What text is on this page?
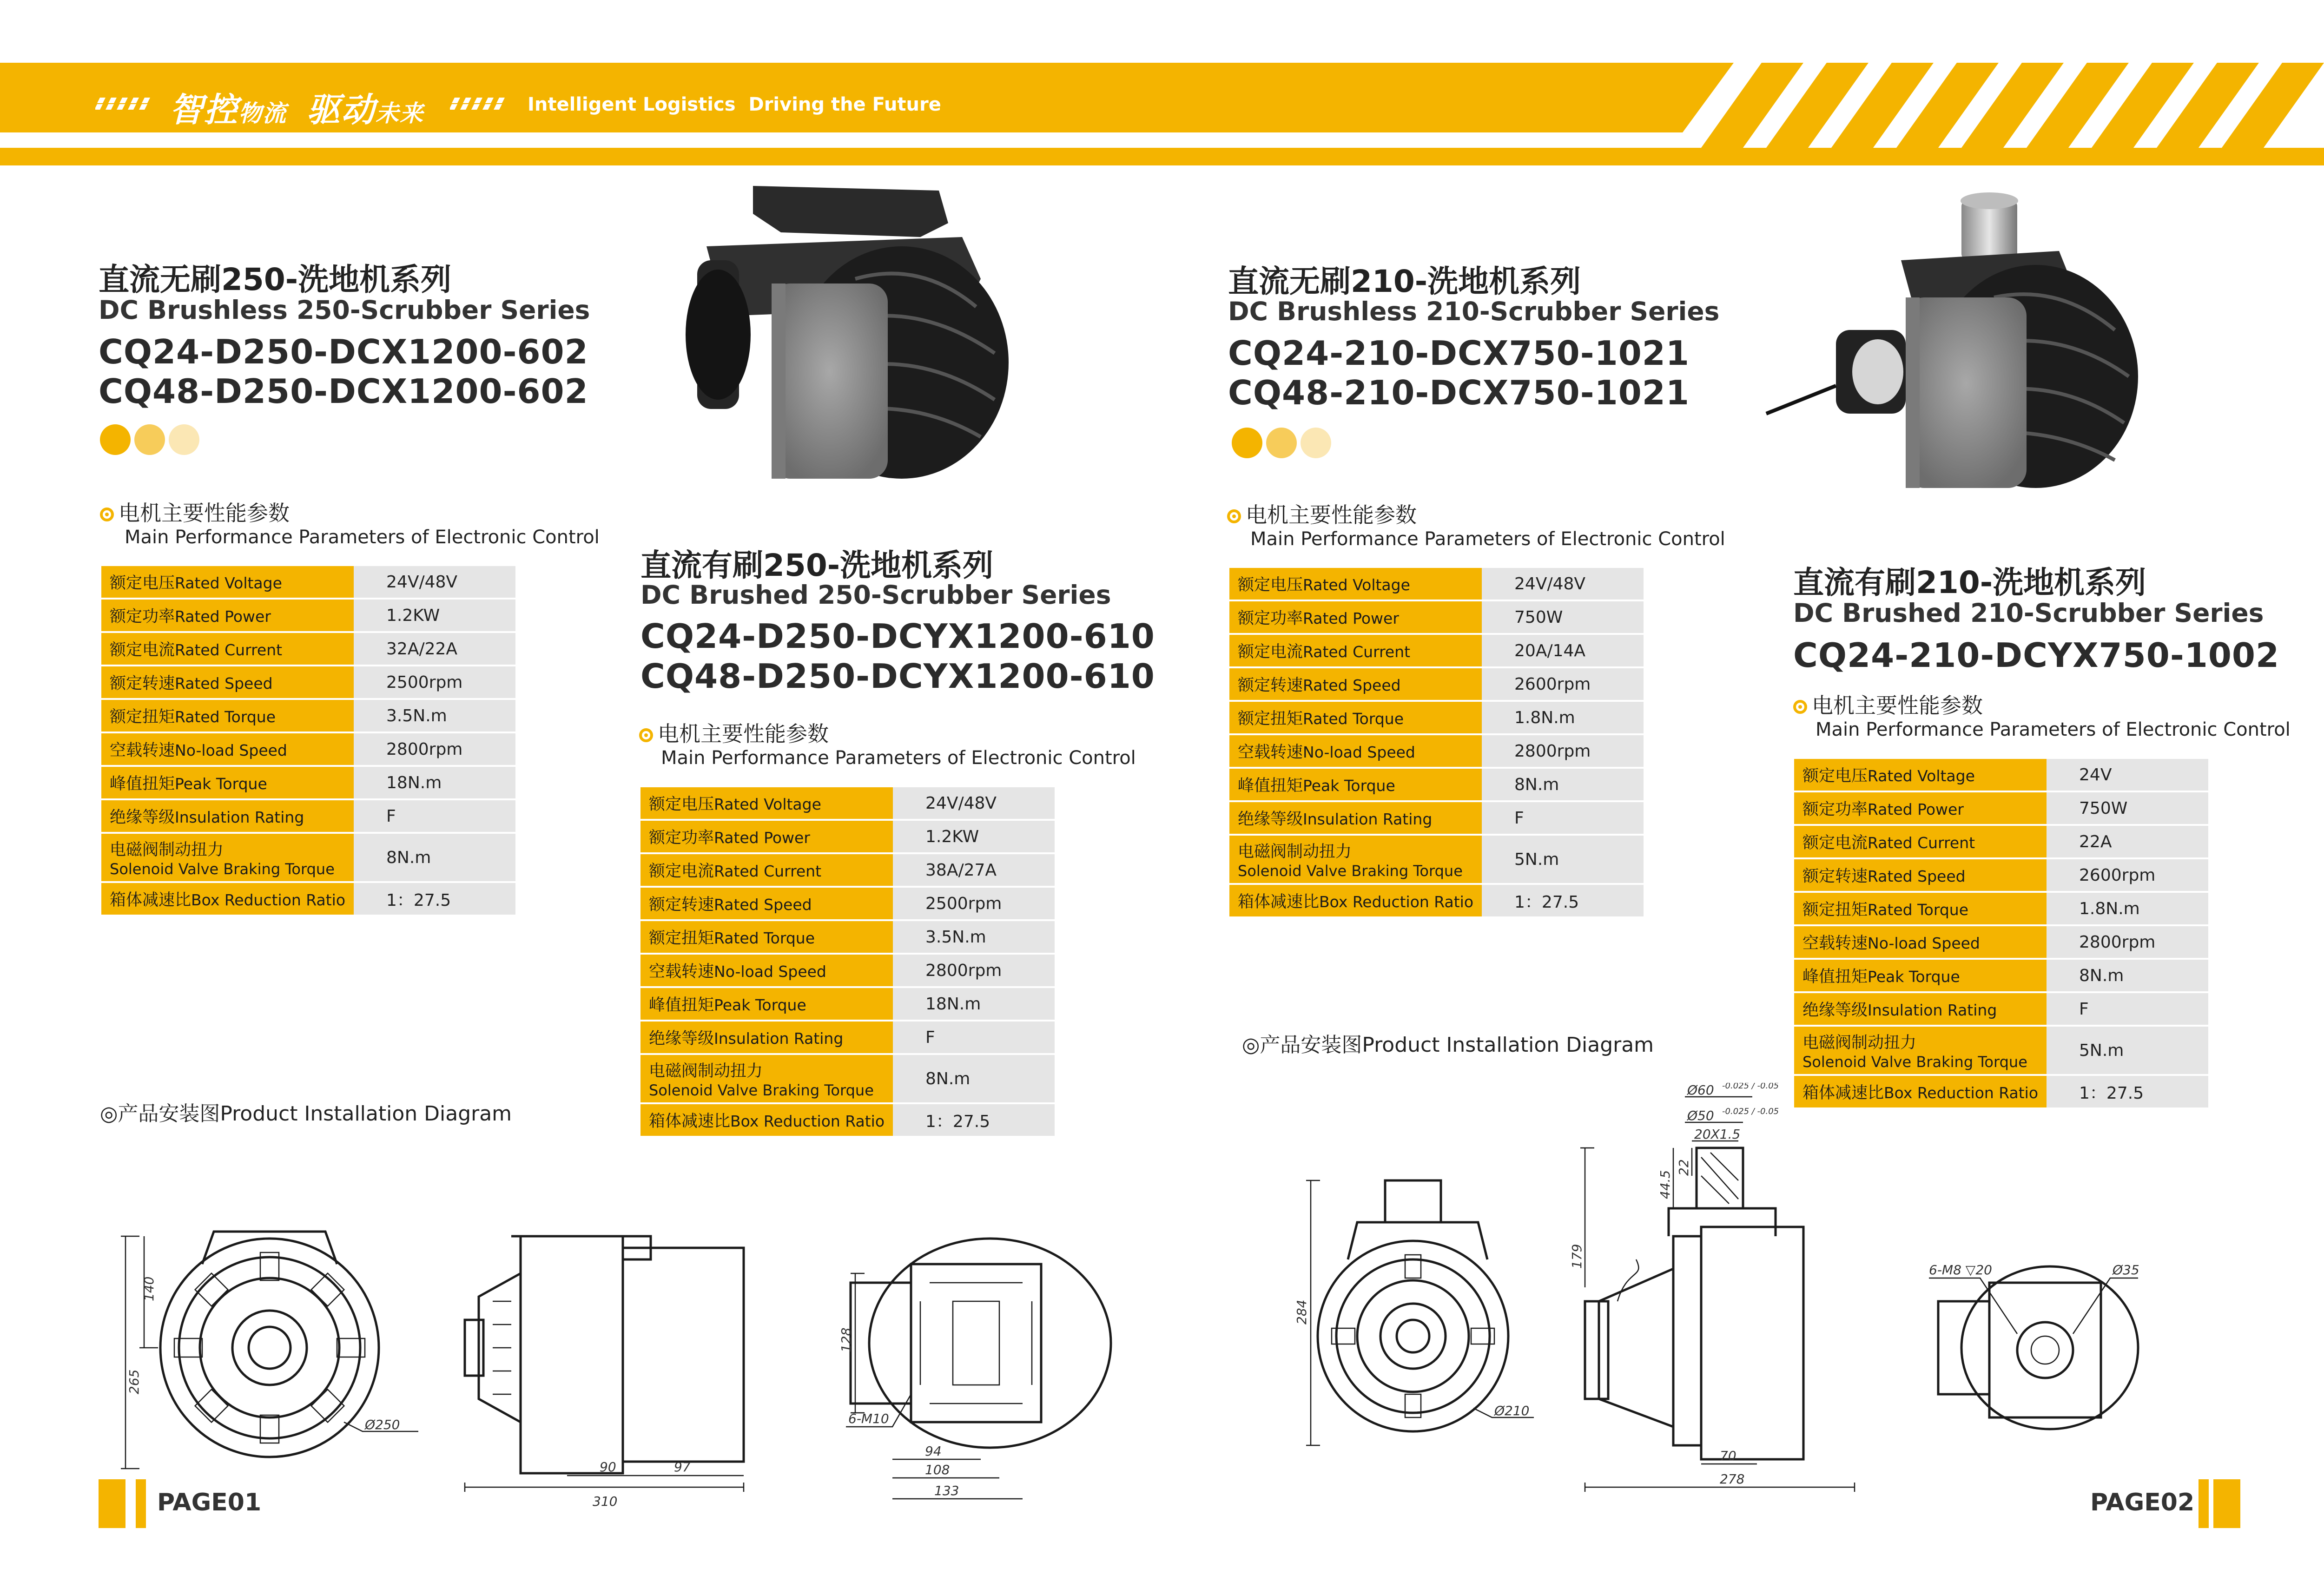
智控物流 驱动未来	Intelligent Logistics Driving the Future
直流无刷250-洗地机系列
DC Brushless 250-Scrubber Series
CQ24-D250-DCX1200-602
CQ48-D250-DCX1200-602
电机主要性能参数
Main Performance Parameters of Electronic Control
额定电压Rated Voltage	24V/48V
额定功率Rated Power	1.2KW
额定电流Rated Current	32A/22A
额定转速Rated Speed	2500rpm
额定扭矩Rated Torque	3.5N.m
空载转速No-load Speed	2800rpm
峰值扭矩Peak Torque	18N.m
绝缘等级Insulation Rating	F
电磁阀制动扭力
Solenoid Valve Braking Torque	8N.m
箱体减速比Box Reduction Ratio	1：27.5
直流有刷250-洗地机系列
DC Brushed 250-Scrubber Series
CQ24-D250-DCYX1200-610
CQ48-D250-DCYX1200-610
电机主要性能参数
Main Performance Parameters of Electronic Control
额定电压Rated Voltage	24V/48V
额定功率Rated Power	1.2KW
额定电流Rated Current	38A/27A
额定转速Rated Speed	2500rpm
额定扭矩Rated Torque	3.5N.m
空载转速No-load Speed	2800rpm
峰值扭矩Peak Torque	18N.m
绝缘等级Insulation Rating	F
电磁阀制动扭力
Solenoid Valve Braking Torque	8N.m
箱体减速比Box Reduction Ratio	1：27.5
直流无刷210-洗地机系列
DC Brushless 210-Scrubber Series
CQ24-210-DCX750-1021
CQ48-210-DCX750-1021
电机主要性能参数
Main Performance Parameters of Electronic Control
额定电压Rated Voltage	24V/48V
额定功率Rated Power	750W
额定电流Rated Current	20A/14A
额定转速Rated Speed	2600rpm
额定扭矩Rated Torque	1.8N.m
空载转速No-load Speed	2800rpm
峰值扭矩Peak Torque	8N.m
绝缘等级Insulation Rating	F
电磁阀制动扭力
Solenoid Valve Braking Torque	5N.m
箱体减速比Box Reduction Ratio	1：27.5
直流有刷210-洗地机系列
DC Brushed 210-Scrubber Series
CQ24-210-DCYX750-1002
电机主要性能参数
Main Performance Parameters of Electronic Control
额定电压Rated Voltage	24V
额定功率Rated Power	750W
额定电流Rated Current	22A
额定转速Rated Speed	2600rpm
额定扭矩Rated Torque	1.8N.m
空载转速No-load Speed	2800rpm
峰值扭矩Peak Torque	8N.m
绝缘等级Insulation Rating	F
电磁阀制动扭力
Solenoid Valve Braking Torque	5N.m
箱体减速比Box Reduction Ratio	1：27.5
◎产品安装图Product Installation Diagram
◎产品安装图Product Installation Diagram
265
140
Ø250
90	97
310
128
6-M10
94
108
133
284
Ø210
Ø60 -0.025 / -0.05
Ø50 -0.025 / -0.05
20X1.5
44.5
22
179
70
278
6-M8 ▽20	Ø35
PAGE01	PAGE02
